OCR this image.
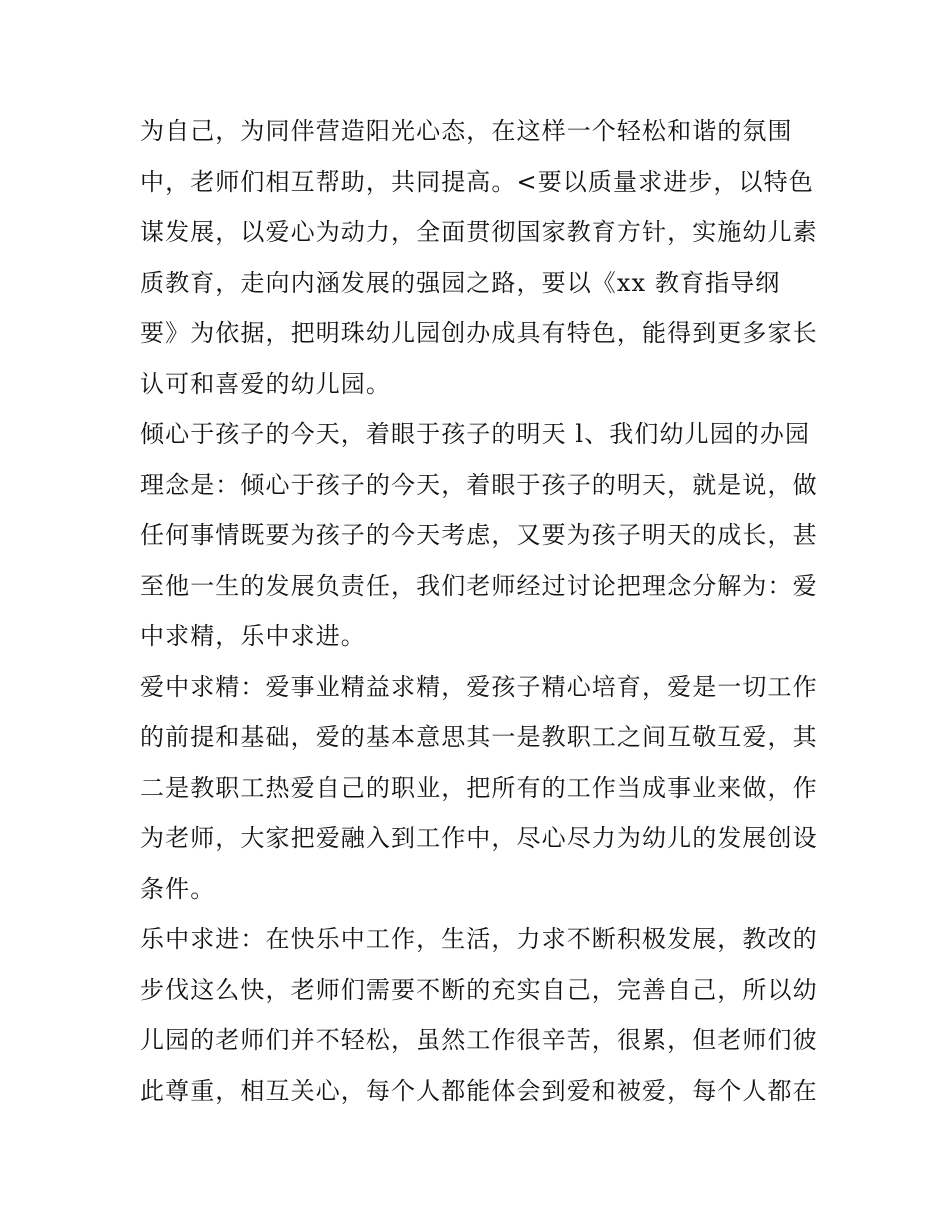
为自己，为同伴营造阳光心态，在这样一个轻松和谐的氛围
中，老师们相互帮助，共同提高。<要以质量求进步，以特色
谋发展，以爱心为动力，全面贯彻国家教育方针，实施幼儿素
质教育，走向内涵发展的强园之路，要以《xx 教育指导纲
要》为依据，把明珠幼儿园创办成具有特色，能得到更多家长
认可和喜爱的幼儿园。
倾心于孩子的今天，着眼于孩子的明天 l、我们幼儿园的办园
理念是：倾心于孩子的今天，着眼于孩子的明天，就是说，做
任何事情既要为孩子的今天考虑，又要为孩子明天的成长，甚
至他一生的发展负责任，我们老师经过讨论把理念分解为：爱
中求精，乐中求进。
爱中求精：爱事业精益求精，爱孩子精心培育，爱是一切工作
的前提和基础，爱的基本意思其一是教职工之间互敬互爱，其
二是教职工热爱自己的职业，把所有的工作当成事业来做，作
为老师，大家把爱融入到工作中，尽心尽力为幼儿的发展创设
条件。
乐中求进：在快乐中工作，生活，力求不断积极发展，教改的
步伐这么快，老师们需要不断的充实自己，完善自己，所以幼
儿园的老师们并不轻松，虽然工作很辛苦，很累，但老师们彼
此尊重，相互关心，每个人都能体会到爱和被爱，每个人都在
